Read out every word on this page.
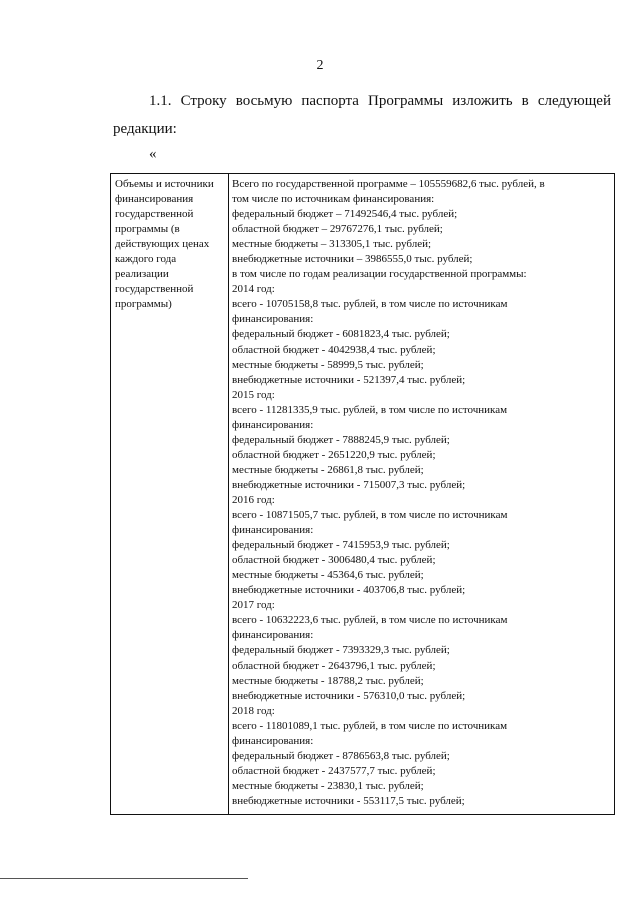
2
1.1. Строку восьмую паспорта Программы изложить в следующей
редакции:
«
Объемы и источники
финансирования
государственной
программы (в
действующих ценах
каждого года
реализации
государственной
программы)
Всего по государственной программе – 105559682,6 тыс. рублей, в
том числе по источникам финансирования:
федеральный бюджет – 71492546,4 тыс. рублей;
областной бюджет – 29767276,1 тыс. рублей;
местные бюджеты – 313305,1 тыс. рублей;
внебюджетные источники – 3986555,0 тыс. рублей;
в том числе по годам реализации государственной программы:
2014 год:
всего - 10705158,8 тыс. рублей, в том числе по источникам
финансирования:
федеральный бюджет - 6081823,4 тыс. рублей;
областной бюджет - 4042938,4 тыс. рублей;
местные бюджеты - 58999,5 тыс. рублей;
внебюджетные источники - 521397,4 тыс. рублей;
2015 год:
всего - 11281335,9 тыс. рублей, в том числе по источникам
финансирования:
федеральный бюджет - 7888245,9 тыс. рублей;
областной бюджет - 2651220,9 тыс. рублей;
местные бюджеты - 26861,8 тыс. рублей;
внебюджетные источники - 715007,3 тыс. рублей;
2016 год:
всего - 10871505,7 тыс. рублей, в том числе по источникам
финансирования:
федеральный бюджет - 7415953,9 тыс. рублей;
областной бюджет - 3006480,4 тыс. рублей;
местные бюджеты - 45364,6 тыс. рублей;
внебюджетные источники - 403706,8 тыс. рублей;
2017 год:
всего - 10632223,6 тыс. рублей, в том числе по источникам
финансирования:
федеральный бюджет - 7393329,3 тыс. рублей;
областной бюджет - 2643796,1 тыс. рублей;
местные бюджеты - 18788,2 тыс. рублей;
внебюджетные источники - 576310,0 тыс. рублей;
2018 год:
всего - 11801089,1 тыс. рублей, в том числе по источникам
финансирования:
федеральный бюджет - 8786563,8 тыс. рублей;
областной бюджет - 2437577,7 тыс. рублей;
местные бюджеты - 23830,1 тыс. рублей;
внебюджетные источники - 553117,5 тыс. рублей;
